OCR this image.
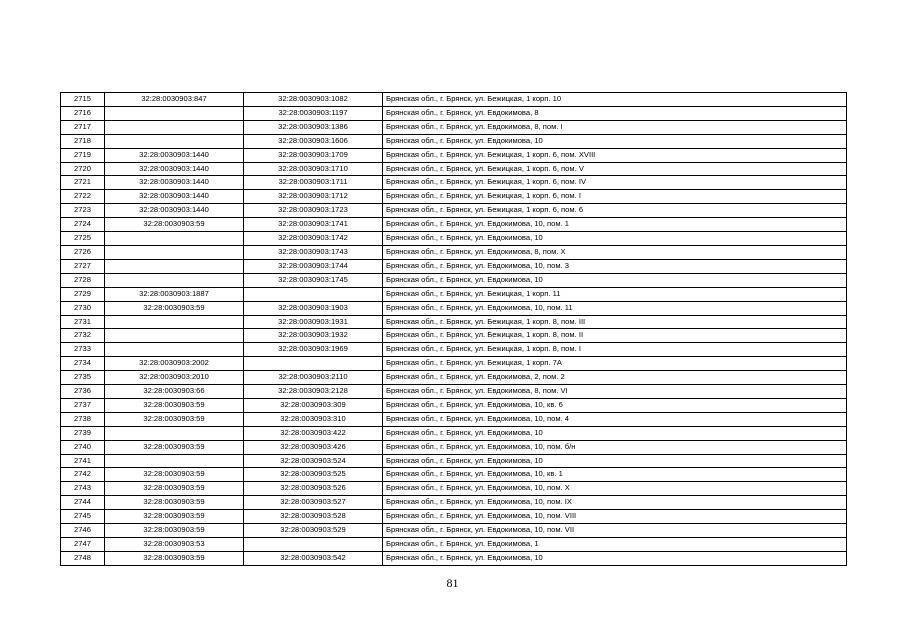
2715	32:28:0030903:847	32:28:0030903:1082	Брянская обл., г. Брянск, ул. Бежицкая, 1 корп. 10
2716		32:28:0030903:1197	Брянская обл., г. Брянск, ул. Евдокимова, 8
2717		32:28:0030903:1386	Брянская обл., г. Брянск, ул. Евдокимова, 8, пом. I
2718		32:28:0030903:1606	Брянская обл., г. Брянск, ул. Евдокимова, 10
2719	32:28:0030903:1440	32:28:0030903:1709	Брянская обл., г. Брянск, ул. Бежицкая, 1 корп. 6, пом. XVIII
2720	32:28:0030903:1440	32:28:0030903:1710	Брянская обл., г. Брянск, ул. Бежицкая, 1 корп. 6, пом. V
2721	32:28:0030903:1440	32:28:0030903:1711	Брянская обл., г. Брянск, ул. Бежицкая, 1 корп. 6, пом. IV
2722	32:28:0030903:1440	32:28:0030903:1712	Брянская обл., г. Брянск, ул. Бежицкая, 1 корп. 6, пом. I
2723	32:28:0030903:1440	32:28:0030903:1723	Брянская обл., г. Брянск, ул. Бежицкая, 1 корп. 6, пом. 6
2724	32:28:0030903:59	32:28:0030903:1741	Брянская обл., г. Брянск, ул. Евдокимова, 10, пом. 1
2725		32:28:0030903:1742	Брянская обл., г. Брянск, ул. Евдокимова, 10
2726		32:28:0030903:1743	Брянская обл., г. Брянск, ул. Евдокимова, 8, пом. X
2727		32:28:0030903:1744	Брянская обл., г. Брянск, ул. Евдокимова, 10, пом. 3
2728		32:28:0030903:1745	Брянская обл., г. Брянск, ул. Евдокимова, 10
2729	32:28:0030903:1887		Брянская обл., г. Брянск, ул. Бежицкая, 1 корп. 11
2730	32:28:0030903:59	32:28:0030903:1903	Брянская обл., г. Брянск, ул. Евдокимова, 10, пом. 11
2731		32:28:0030903:1931	Брянская обл., г. Брянск, ул. Бежицкая, 1 корп. 8, пом. III
2732		32:28:0030903:1932	Брянская обл., г. Брянск, ул. Бежицкая, 1 корп. 8, пом. II
2733		32:28:0030903:1969	Брянская обл., г. Брянск, ул. Бежицкая, 1 корп. 8, пом. I
2734	32:28:0030903:2002		Брянская обл., г. Брянск, ул. Бежицкая, 1 корп. 7А
2735	32:28:0030903:2010	32:28:0030903:2110	Брянская обл., г. Брянск, ул. Евдокимова, 2, пом. 2
2736	32:28:0030903:66	32:28:0030903:2128	Брянская обл., г. Брянск, ул. Евдокимова, 8, пом. VI
2737	32:28:0030903:59	32:28:0030903:309	Брянская обл., г. Брянск, ул. Евдокимова, 10, кв. 6
2738	32:28:0030903:59	32:28:0030903:310	Брянская обл., г. Брянск, ул. Евдокимова, 10, пом. 4
2739		32:28:0030903:422	Брянская обл., г. Брянск, ул. Евдокимова, 10
2740	32:28:0030903:59	32:28:0030903:426	Брянская обл., г. Брянск, ул. Евдокимова, 10, пом. б/н
2741		32:28:0030903:524	Брянская обл., г. Брянск, ул. Евдокимова, 10
2742	32:28:0030903:59	32:28:0030903:525	Брянская обл., г. Брянск, ул. Евдокимова, 10, кв. 1
2743	32:28:0030903:59	32:28:0030903:526	Брянская обл., г. Брянск, ул. Евдокимова, 10, пом. X
2744	32:28:0030903:59	32:28:0030903:527	Брянская обл., г. Брянск, ул. Евдокимова, 10, пом. IX
2745	32:28:0030903:59	32:28:0030903:528	Брянская обл., г. Брянск, ул. Евдокимова, 10, пом. VIII
2746	32:28:0030903:59	32:28:0030903:529	Брянская обл., г. Брянск, ул. Евдокимова, 10, пом. VII
2747	32:28:0030903:53		Брянская обл., г. Брянск, ул. Евдокимова, 1
2748	32:28:0030903:59	32:28:0030903:542	Брянская обл., г. Брянск, ул. Евдокимова, 10
81
